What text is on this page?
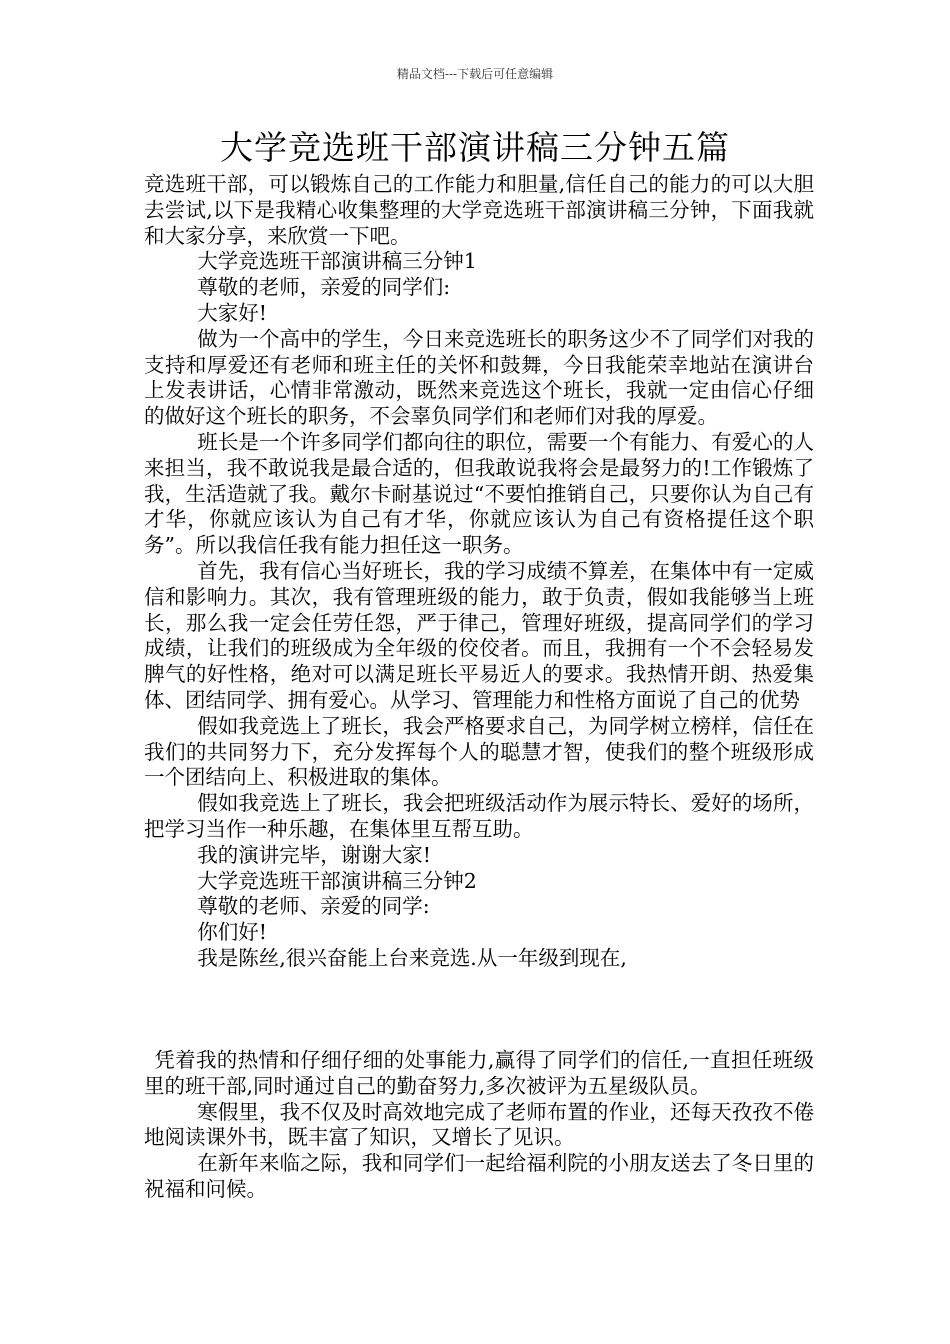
精品文档---下载后可任意编辑
大学竞选班干部演讲稿三分钟五篇

竞选班干部，可以锻炼自己的工作能力和胆量,信任自己的能力的可以大胆去尝试,以下是我精心收集整理的大学竞选班干部演讲稿三分钟，下面我就和大家分享，来欣赏一下吧。

大学竞选班干部演讲稿三分钟1

尊敬的老师，亲爱的同学们:

大家好!

做为一个高中的学生，今日来竞选班长的职务这少不了同学们对我的支持和厚爱还有老师和班主任的关怀和鼓舞，今日我能荣幸地站在演讲台上发表讲话，心情非常激动，既然来竞选这个班长，我就一定由信心仔细的做好这个班长的职务，不会辜负同学们和老师们对我的厚爱。

班长是一个许多同学们都向往的职位，需要一个有能力、有爱心的人来担当，我不敢说我是最合适的，但我敢说我将会是最努力的!工作锻炼了我，生活造就了我。戴尔卡耐基说过“不要怕推销自己，只要你认为自己有才华，你就应该认为自己有才华，你就应该认为自己有资格提任这个职务”。所以我信任我有能力担任这一职务。

首先，我有信心当好班长，我的学习成绩不算差，在集体中有一定威信和影响力。其次，我有管理班级的能力，敢于负责，假如我能够当上班长，那么我一定会任劳任怨，严于律己，管理好班级，提高同学们的学习成绩，让我们的班级成为全年级的佼佼者。而且，我拥有一个不会轻易发脾气的好性格，绝对可以满足班长平易近人的要求。我热情开朗、热爱集体、团结同学、拥有爱心。从学习、管理能力和性格方面说了自己的优势

假如我竞选上了班长，我会严格要求自己，为同学树立榜样，信任在我们的共同努力下，充分发挥每个人的聪慧才智，使我们的整个班级形成一个团结向上、积极进取的集体。

假如我竞选上了班长，我会把班级活动作为展示特长、爱好的场所，把学习当作一种乐趣，在集体里互帮互助。

我的演讲完毕，谢谢大家!

大学竞选班干部演讲稿三分钟2

尊敬的老师、亲爱的同学:

你们好!

我是陈丝,很兴奋能上台来竞选.从一年级到现在,

凭着我的热情和仔细仔细的处事能力,赢得了同学们的信任,一直担任班级里的班干部,同时通过自己的勤奋努力,多次被评为五星级队员。

寒假里，我不仅及时高效地完成了老师布置的作业，还每天孜孜不倦地阅读课外书，既丰富了知识，又增长了见识。

在新年来临之际，我和同学们一起给福利院的小朋友送去了冬日里的祝福和问候。
